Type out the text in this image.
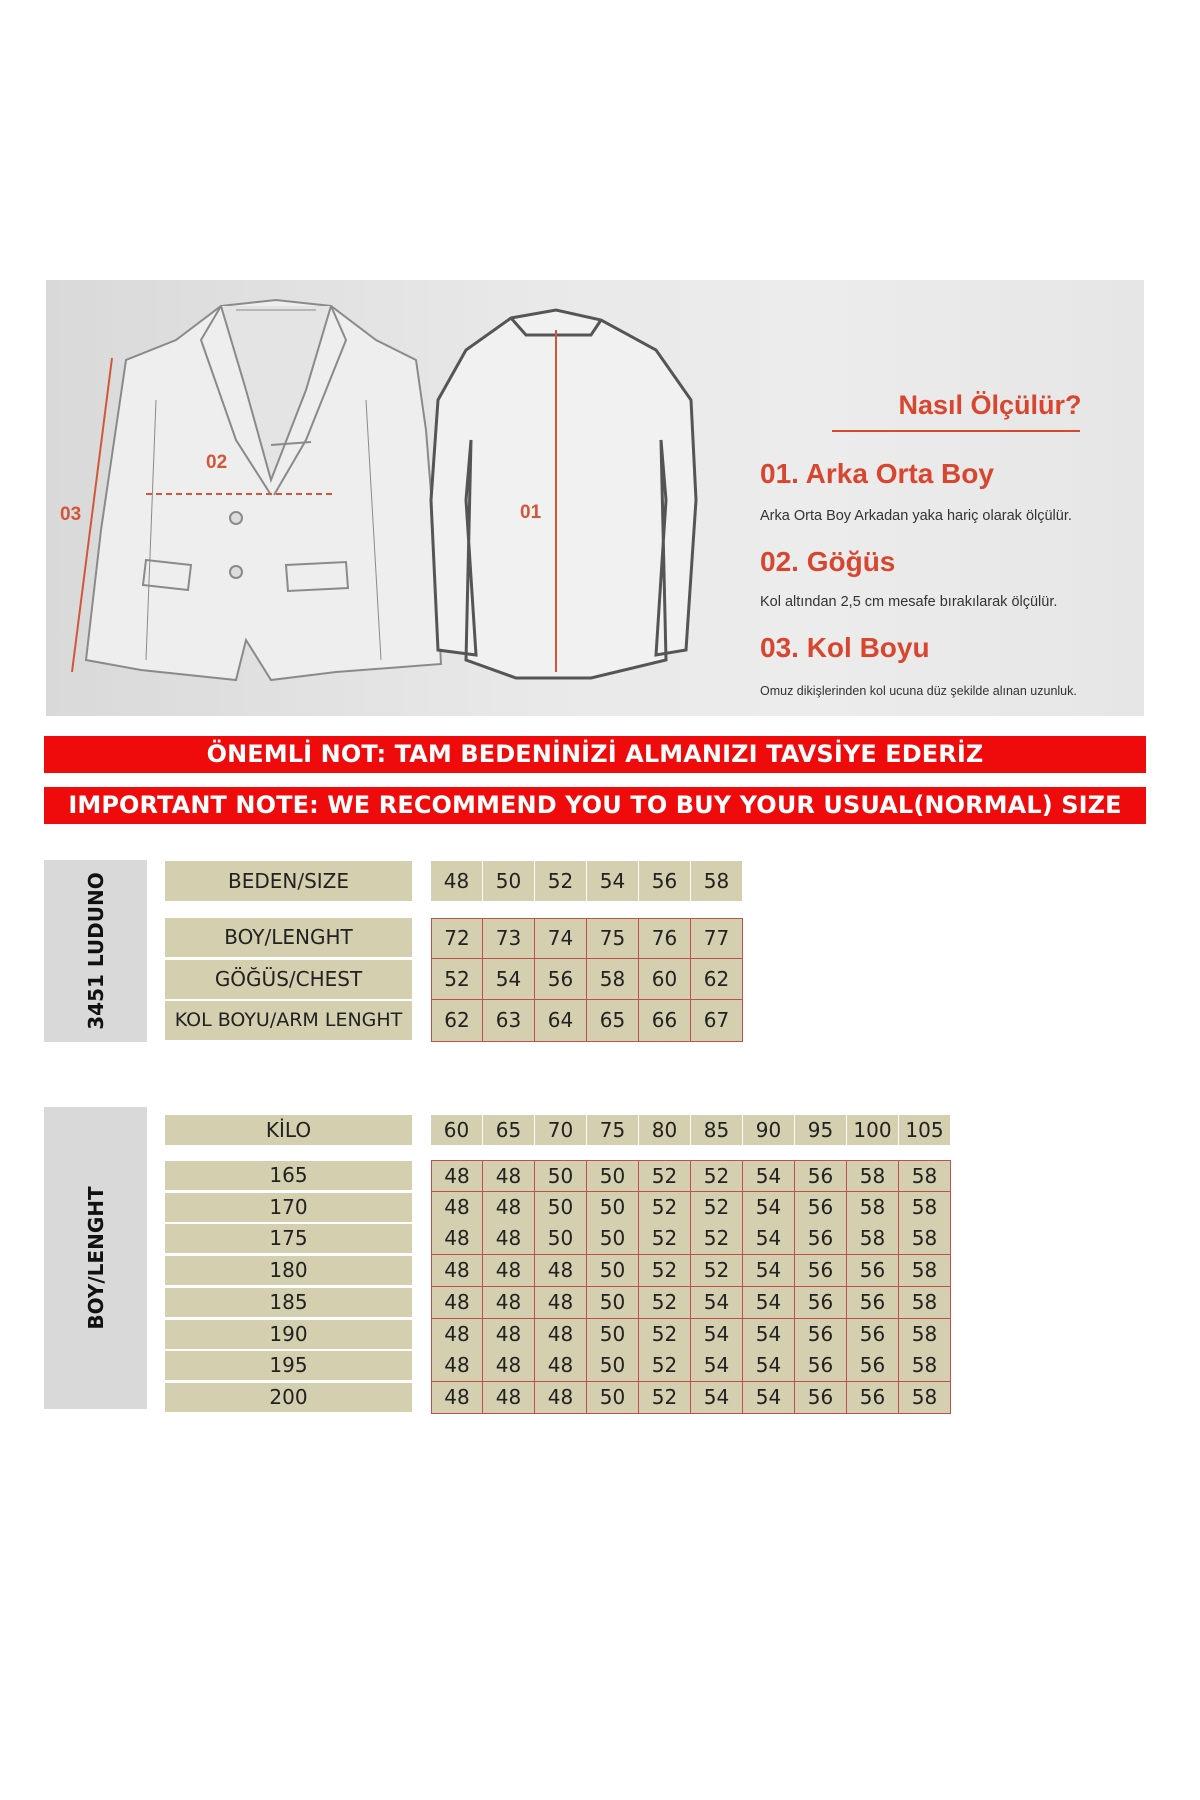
03
02
01
Nasıl Ölçülür?
01. Arka Orta Boy
Arka Orta Boy Arkadan yaka hariç olarak ölçülür.
02. Göğüs
Kol altından 2,5 cm mesafe bırakılarak ölçülür.
03. Kol Boyu
Omuz dikişlerinden kol ucuna düz şekilde alınan uzunluk.
ÖNEMLİ NOT: TAM BEDENİNİZİ ALMANIZI TAVSİYE EDERİZ
IMPORTANT NOTE: WE RECOMMEND YOU TO BUY YOUR USUAL(NORMAL) SIZE
3451 LUDUNO	BEDEN/SIZE	48	50	52	54	56	58
BOY/LENGHT	72	73	74	75	76	77
GÖĞÜS/CHEST	52	54	56	58	60	62
KOL BOYU/ARM LENGHT	62	63	64	65	66	67
BOY/LENGHT
KİLO	60	65	70	75	80	85	90	95	100 105
165	48	48	50	50	52	52	54	56	58	58
170	48	48	50	50	52	52	54	56	58	58
175	48	48	50	50	52	52	54	56	58	58
180	48	48	48	50	52	52	54	56	56	58
185	48	48	48	50	52	54	54	56	56	58
190	48	48	48	50	52	54	54	56	56	58
195	48	48	48	50	52	54	54	56	56	58
200	48	48	48	50	52	54	54	56	56	58
